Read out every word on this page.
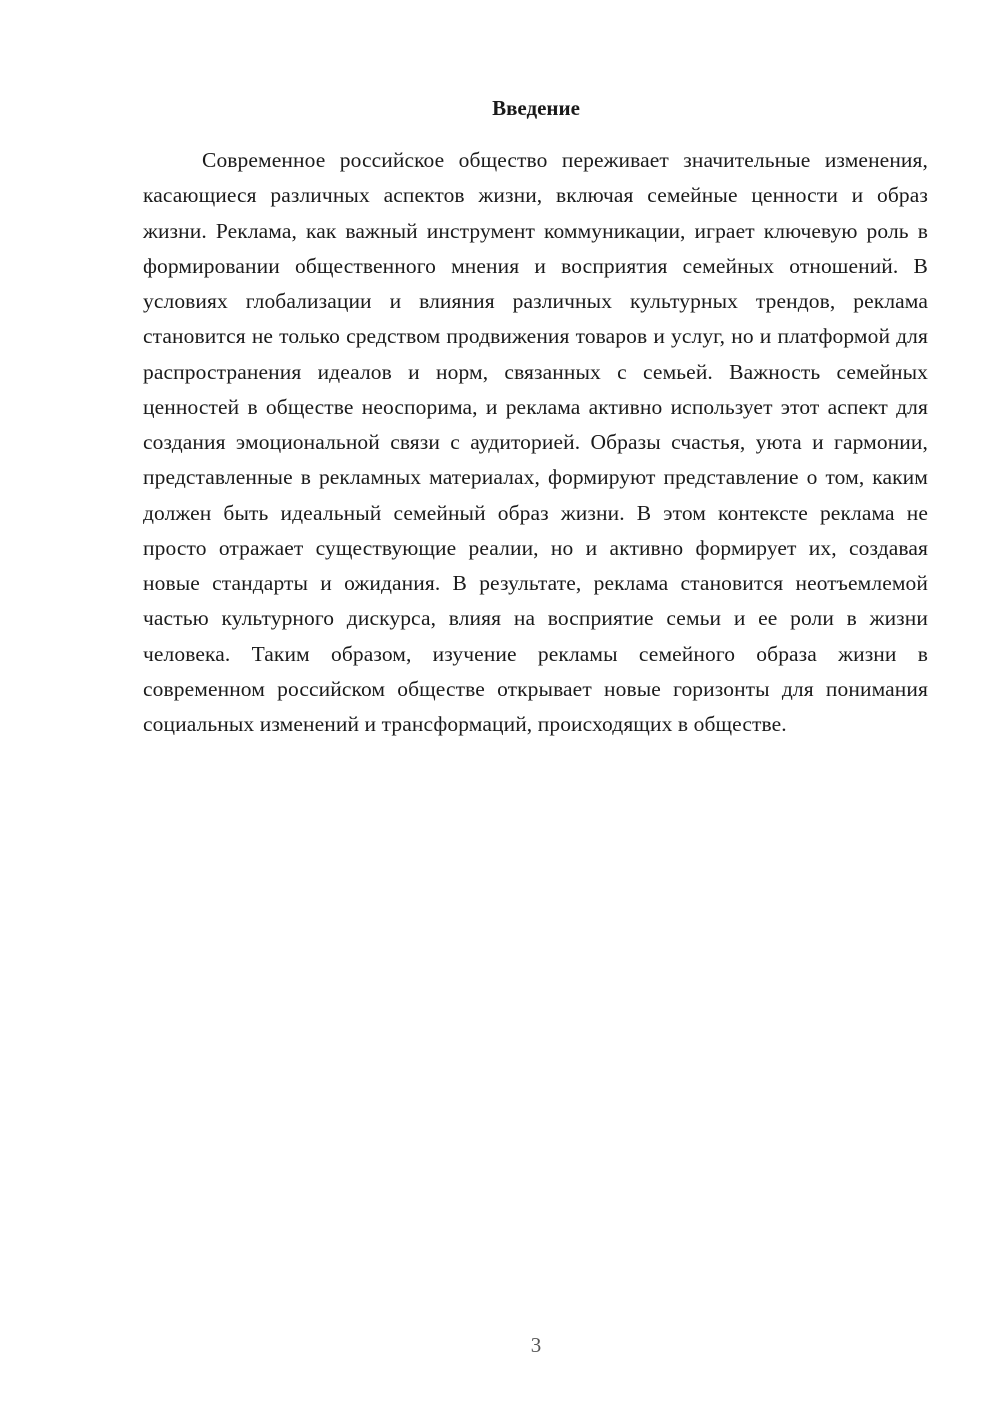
Введение

Современное российское общество переживает значительные изменения, касающиеся различных аспектов жизни, включая семейные ценности и образ жизни. Реклама, как важный инструмент коммуникации, играет ключевую роль в формировании общественного мнения и восприятия семейных отношений. В условиях глобализации и влияния различных культурных трендов, реклама становится не только средством продвижения товаров и услуг, но и платформой для распространения идеалов и норм, связанных с семьей. Важность семейных ценностей в обществе неоспорима, и реклама активно использует этот аспект для создания эмоциональной связи с аудиторией. Образы счастья, уюта и гармонии, представленные в рекламных материалах, формируют представление о том, каким должен быть идеальный семейный образ жизни. В этом контексте реклама не просто отражает существующие реалии, но и активно формирует их, создавая новые стандарты и ожидания. В результате, реклама становится неотъемлемой частью культурного дискурса, влияя на восприятие семьи и ее роли в жизни человека. Таким образом, изучение рекламы семейного образа жизни в современном российском обществе открывает новые горизонты для понимания социальных изменений и трансформаций, происходящих в обществе.

3
